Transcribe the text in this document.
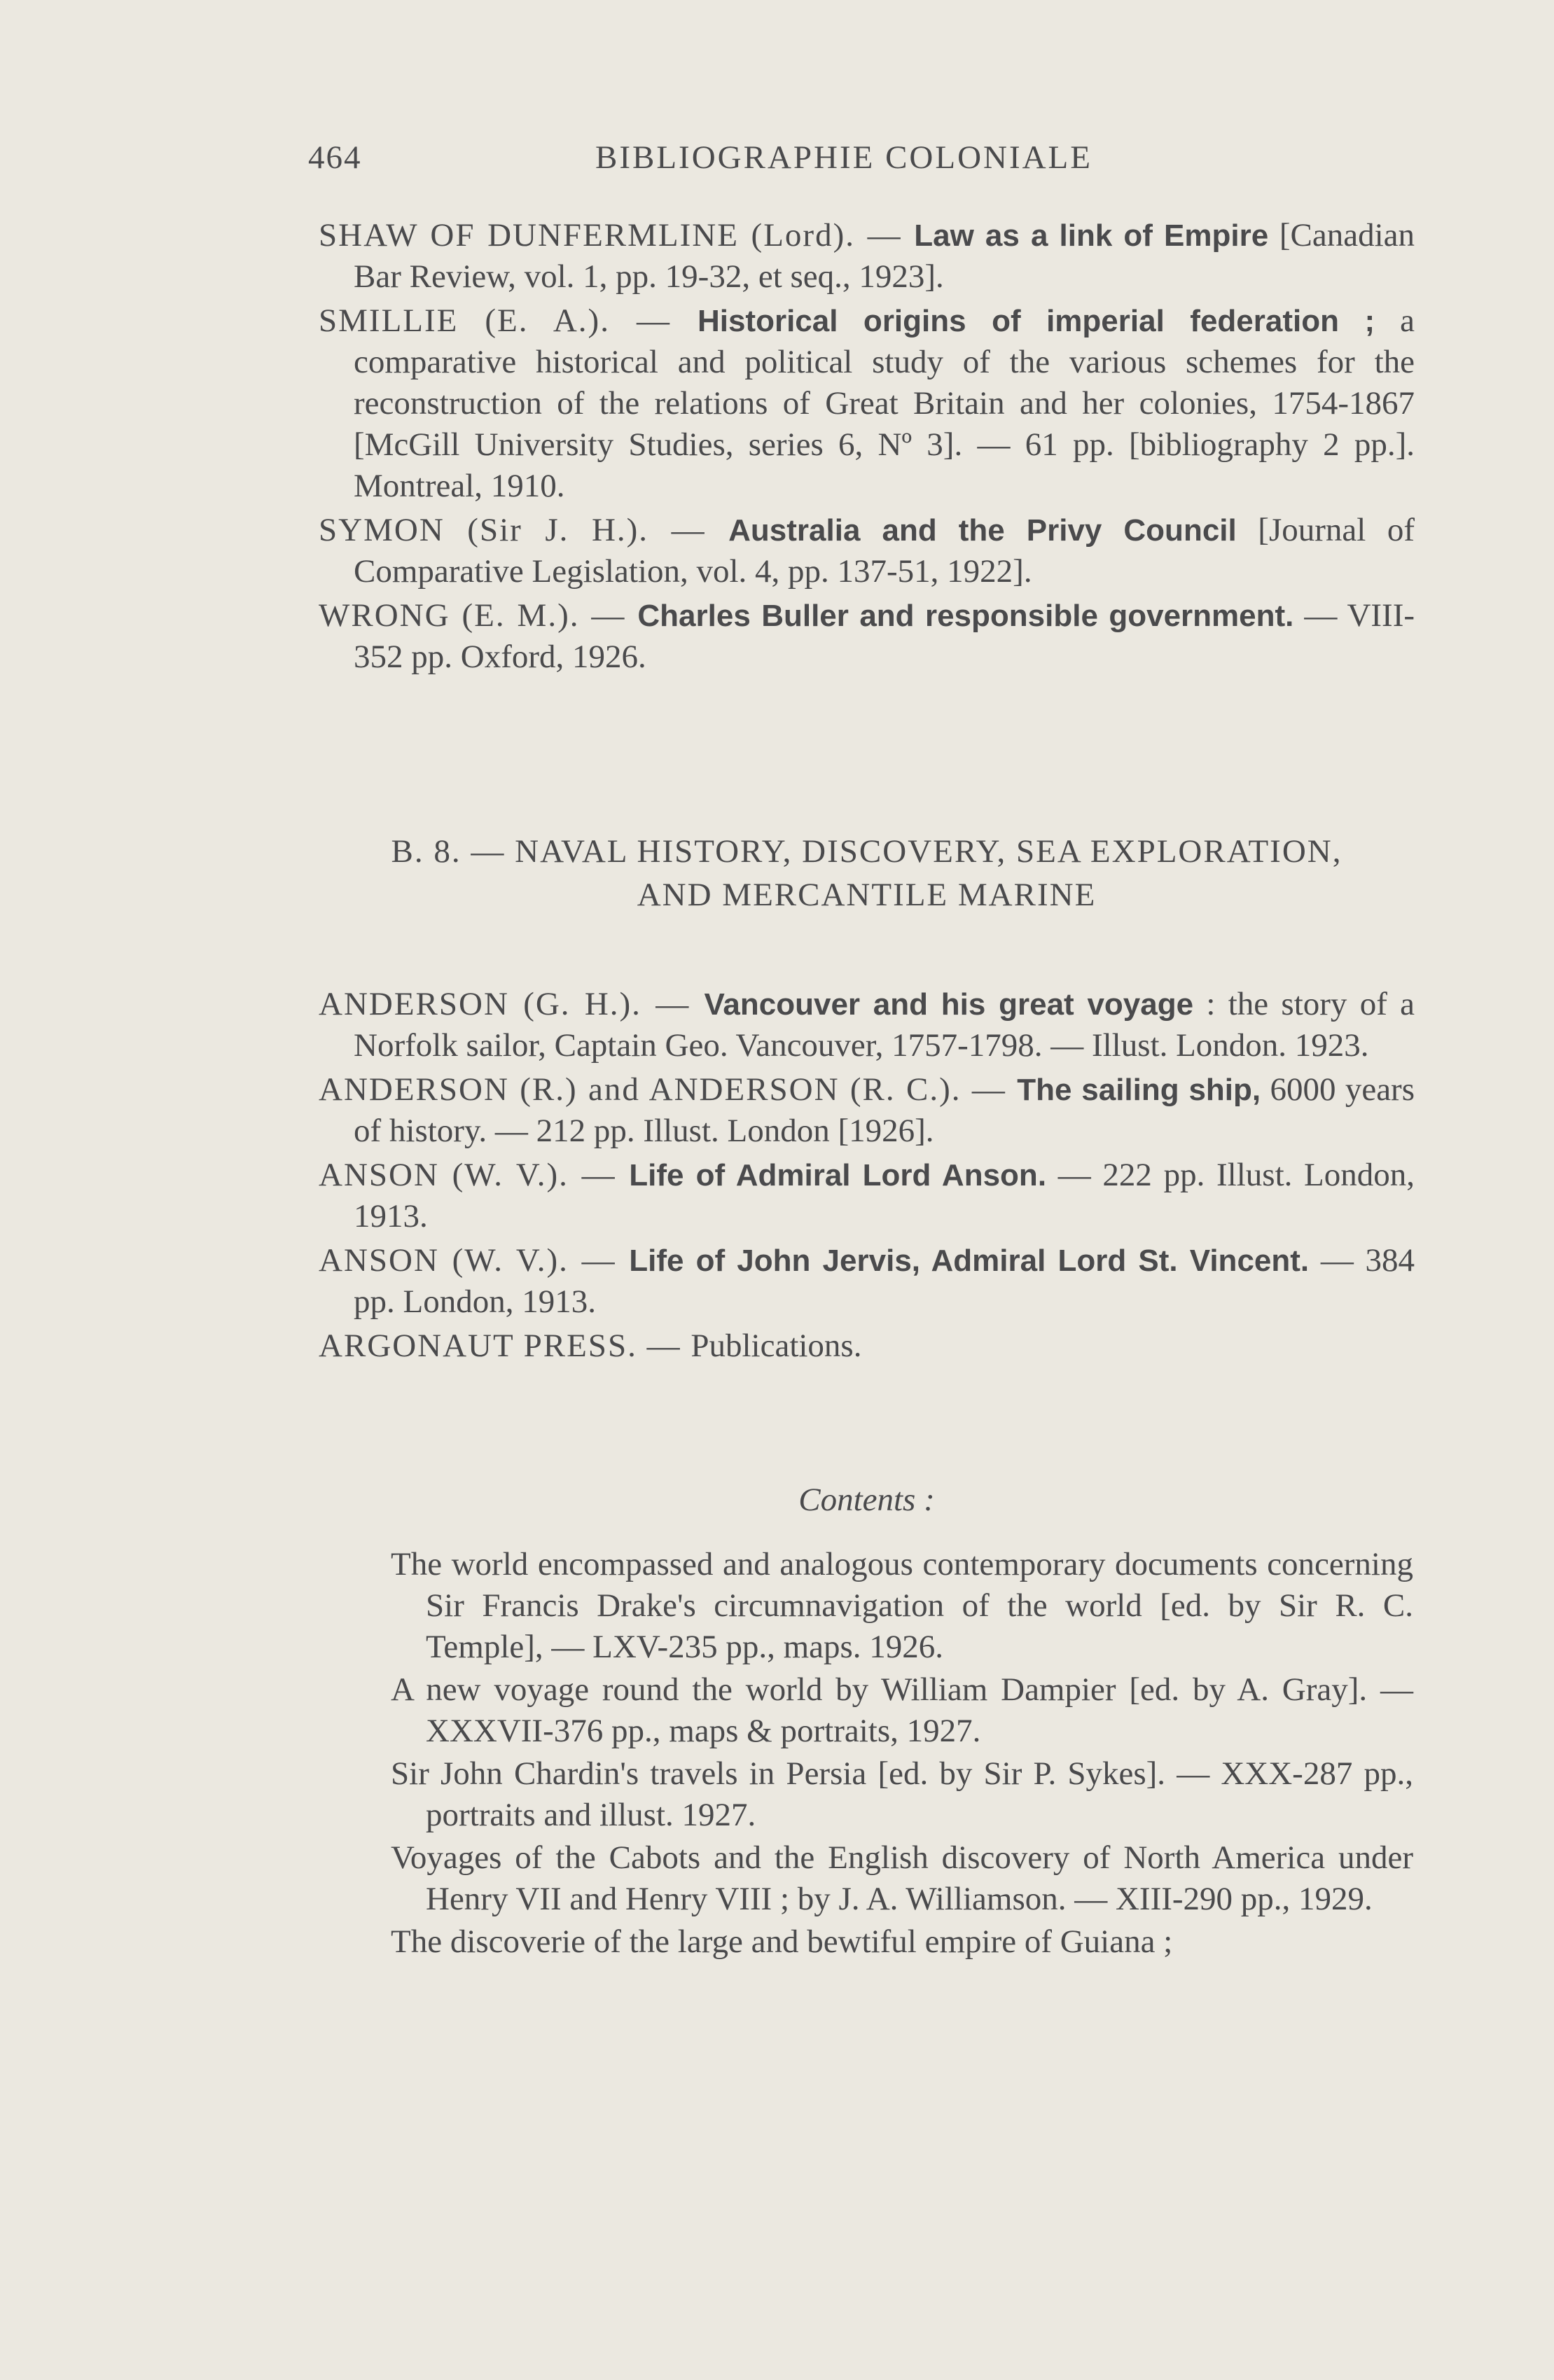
464	BIBLIOGRAPHIE COLONIALE
SHAW OF DUNFERMLINE (Lord). — Law as a link of Empire [Canadian Bar Review, vol. 1, pp. 19-32, et seq., 1923].
SMILLIE (E. A.). — Historical origins of imperial federation ; a comparative historical and political study of the various schemes for the reconstruction of the relations of Great Britain and her colonies, 1754-1867 [McGill University Studies, series 6, Nº 3]. — 61 pp. [bibliography 2 pp.]. Montreal, 1910.
SYMON (Sir J. H.). — Australia and the Privy Council [Journal of Comparative Legislation, vol. 4, pp. 137-51, 1922].
WRONG (E. M.). — Charles Buller and responsible government. — VIII-352 pp. Oxford, 1926.
B. 8. — NAVAL HISTORY, DISCOVERY, SEA EXPLORATION,
AND MERCANTILE MARINE
ANDERSON (G. H.). — Vancouver and his great voyage : the story of a Norfolk sailor, Captain Geo. Vancouver, 1757-1798. — Illust. London. 1923.
ANDERSON (R.) and ANDERSON (R. C.). — The sailing ship, 6000 years of history. — 212 pp. Illust. London [1926].
ANSON (W. V.). — Life of Admiral Lord Anson. — 222 pp. Illust. London, 1913.
ANSON (W. V.). — Life of John Jervis, Admiral Lord St. Vincent. — 384 pp. London, 1913.
ARGONAUT PRESS. — Publications.
Contents :
The world encompassed and analogous contemporary documents concerning Sir Francis Drake's circumnavigation of the world [ed. by Sir R. C. Temple], — LXV-235 pp., maps. 1926.
A new voyage round the world by William Dampier [ed. by A. Gray]. — XXXVII-376 pp., maps & portraits, 1927.
Sir John Chardin's travels in Persia [ed. by Sir P. Sykes]. — XXX-287 pp., portraits and illust. 1927.
Voyages of the Cabots and the English discovery of North America under Henry VII and Henry VIII ; by J. A. Williamson. — XIII-290 pp., 1929.
The discoverie of the large and bewtiful empire of Guiana ;
